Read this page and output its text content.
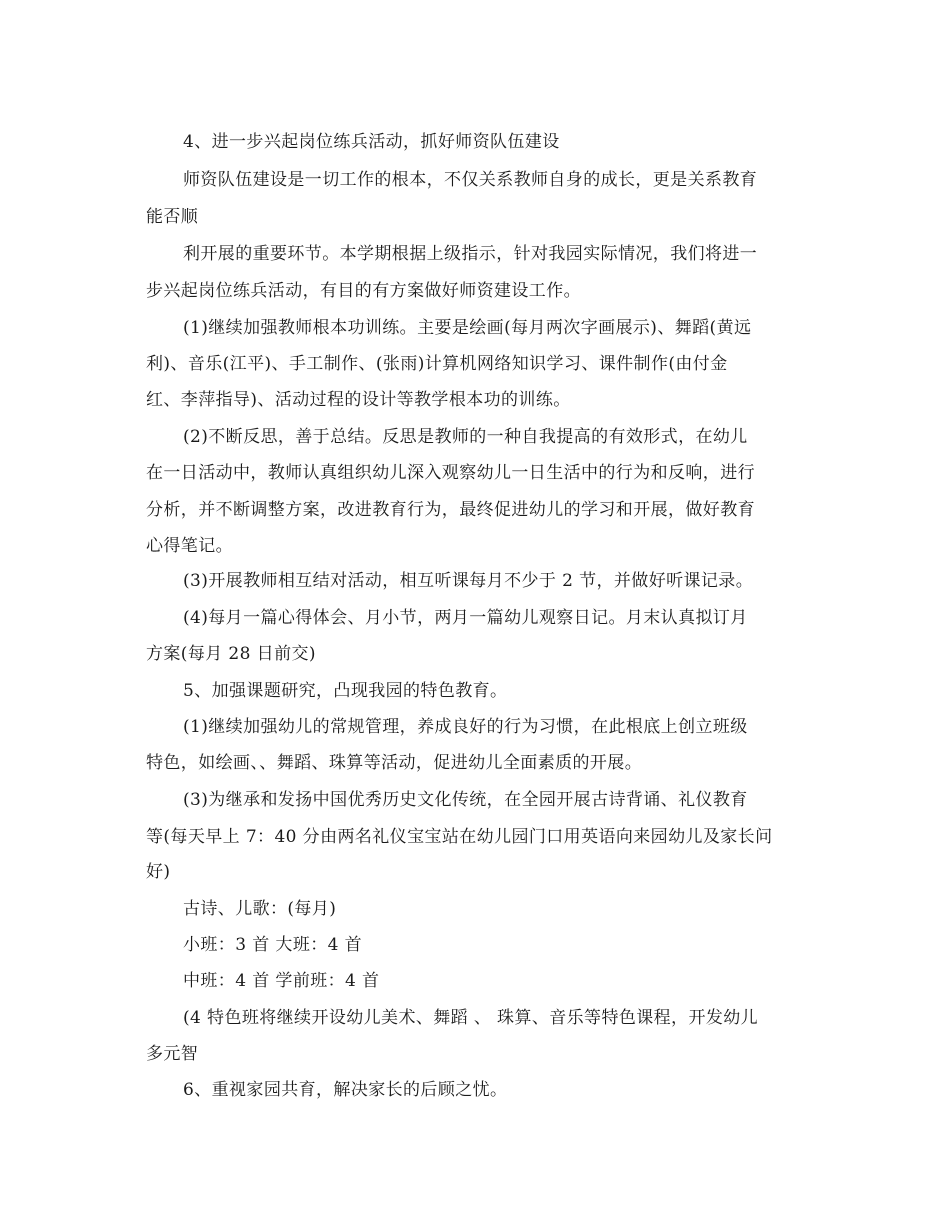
4、进一步兴起岗位练兵活动，抓好师资队伍建设

师资队伍建设是一切工作的根本，不仅关系教师自身的成长，更是关系教育

能否顺

利开展的重要环节。本学期根据上级指示，针对我园实际情况，我们将进一

步兴起岗位练兵活动，有目的有方案做好师资建设工作。

(1)继续加强教师根本功训练。主要是绘画(每月两次字画展示)、舞蹈(黄远

利)、音乐(江平)、手工制作、(张雨)计算机网络知识学习、课件制作(由付金

红、李萍指导)、活动过程的设计等教学根本功的训练。

(2)不断反思，善于总结。反思是教师的一种自我提高的有效形式，在幼儿

在一日活动中，教师认真组织幼儿深入观察幼儿一日生活中的行为和反响，进行

分析，并不断调整方案，改进教育行为，最终促进幼儿的学习和开展，做好教育

心得笔记。

(3)开展教师相互结对活动，相互听课每月不少于 2 节，并做好听课记录。

(4)每月一篇心得体会、月小节，两月一篇幼儿观察日记。月末认真拟订月

方案(每月 28 日前交)

5、加强课题研究，凸现我园的特色教育。

(1)继续加强幼儿的常规管理，养成良好的行为习惯，在此根底上创立班级

特色，如绘画、、舞蹈、珠算等活动，促进幼儿全面素质的开展。

(3)为继承和发扬中国优秀历史文化传统，在全园开展古诗背诵、礼仪教育

等(每天早上 7：40 分由两名礼仪宝宝站在幼儿园门口用英语向来园幼儿及家长问

好)

古诗、儿歌：(每月)

小班：3 首 大班：4 首

中班：4 首 学前班：4 首

(4 特色班将继续开设幼儿美术、舞蹈 、 珠算、音乐等特色课程，开发幼儿

多元智

6、重视家园共育，解决家长的后顾之忧。
